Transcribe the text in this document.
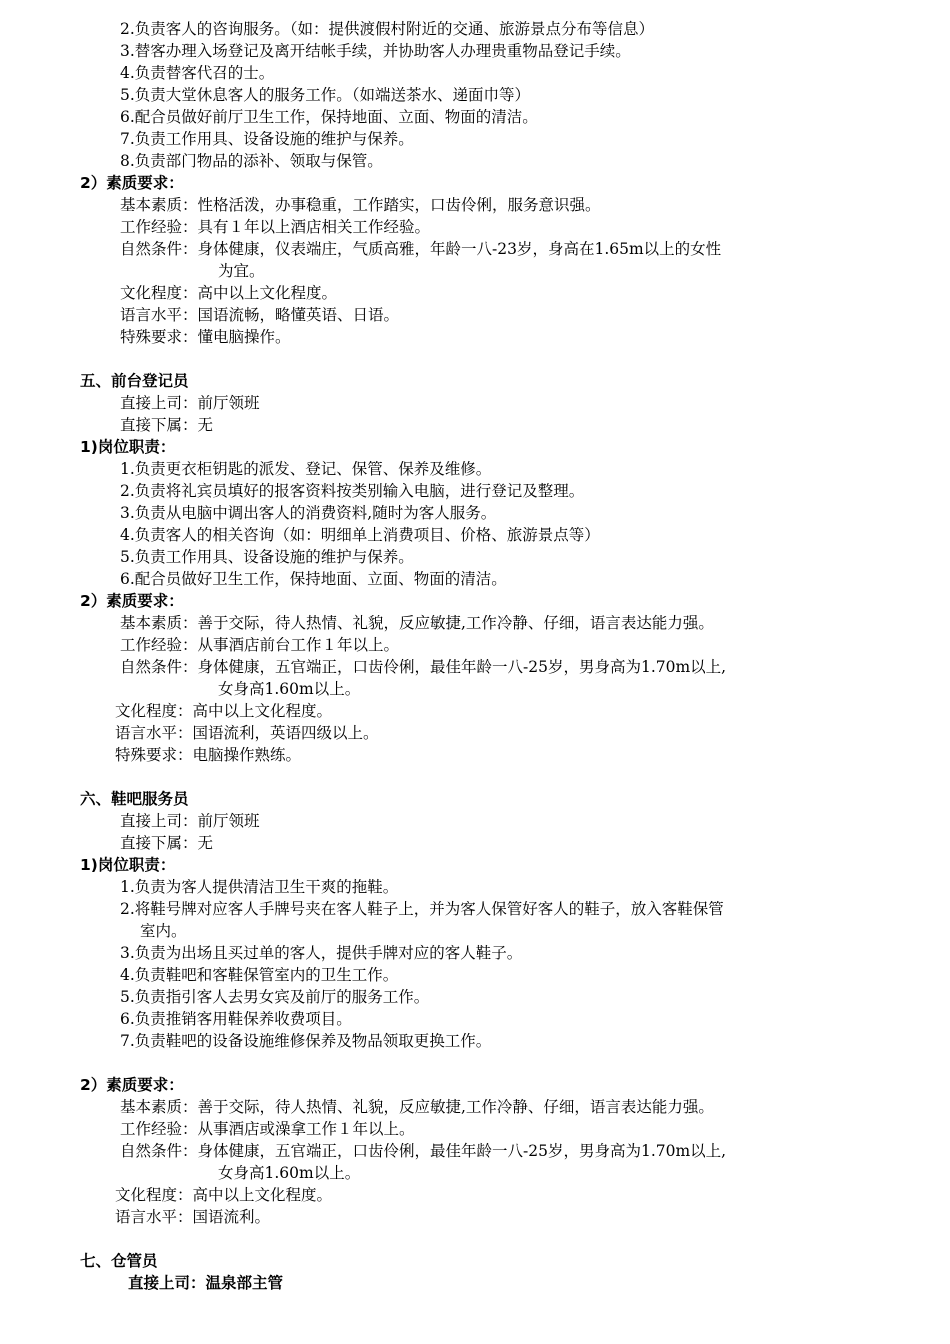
2.负责客人的咨询服务。（如：提供渡假村附近的交通、旅游景点分布等信息）
3.替客办理入场登记及离开结帐手续，并协助客人办理贵重物品登记手续。
4.负责替客代召的士。
5.负责大堂休息客人的服务工作。（如端送茶水、递面巾等）
6.配合员做好前厅卫生工作，保持地面、立面、物面的清洁。
7.负责工作用具、设备设施的维护与保养。
8.负责部门物品的添补、领取与保管。
2）素质要求：
基本素质：性格活泼，办事稳重，工作踏实，口齿伶俐，服务意识强。
工作经验：具有１年以上酒店相关工作经验。
自然条件：身体健康，仪表端庄，气质高雅，年龄一八-23岁，身高在1.65m以上的女性
为宜。
文化程度：高中以上文化程度。
语言水平：国语流畅，略懂英语、日语。
特殊要求：懂电脑操作。
五、前台登记员
直接上司：前厅领班
直接下属：无
1)岗位职责：
1.负责更衣柜钥匙的派发、登记、保管、保养及维修。
2.负责将礼宾员填好的报客资料按类别输入电脑，进行登记及整理。
3.负责从电脑中调出客人的消费资料,随时为客人服务。
4.负责客人的相关咨询（如：明细单上消费项目、价格、旅游景点等）
5.负责工作用具、设备设施的维护与保养。
6.配合员做好卫生工作，保持地面、立面、物面的清洁。
2）素质要求：
基本素质：善于交际，待人热情、礼貌，反应敏捷,工作冷静、仔细，语言表达能力强。
工作经验：从事酒店前台工作１年以上。
自然条件：身体健康，五官端正，口齿伶俐，最佳年龄一八-25岁，男身高为1.70m以上,
女身高1.60m以上。
文化程度：高中以上文化程度。
语言水平：国语流利，英语四级以上。
特殊要求：电脑操作熟练。
六、鞋吧服务员
直接上司：前厅领班
直接下属：无
1)岗位职责：
1.负责为客人提供清洁卫生干爽的拖鞋。
2.将鞋号牌对应客人手牌号夹在客人鞋子上，并为客人保管好客人的鞋子，放入客鞋保管
室内。
3.负责为出场且买过单的客人，提供手牌对应的客人鞋子。
4.负责鞋吧和客鞋保管室内的卫生工作。
5.负责指引客人去男女宾及前厅的服务工作。
6.负责推销客用鞋保养收费项目。
7.负责鞋吧的设备设施维修保养及物品领取更换工作。
2）素质要求：
基本素质：善于交际，待人热情、礼貌，反应敏捷,工作冷静、仔细，语言表达能力强。
工作经验：从事酒店或澡拿工作１年以上。
自然条件：身体健康，五官端正，口齿伶俐，最佳年龄一八-25岁，男身高为1.70m以上,
女身高1.60m以上。
文化程度：高中以上文化程度。
语言水平：国语流利。
七、仓管员
直接上司：温泉部主管
